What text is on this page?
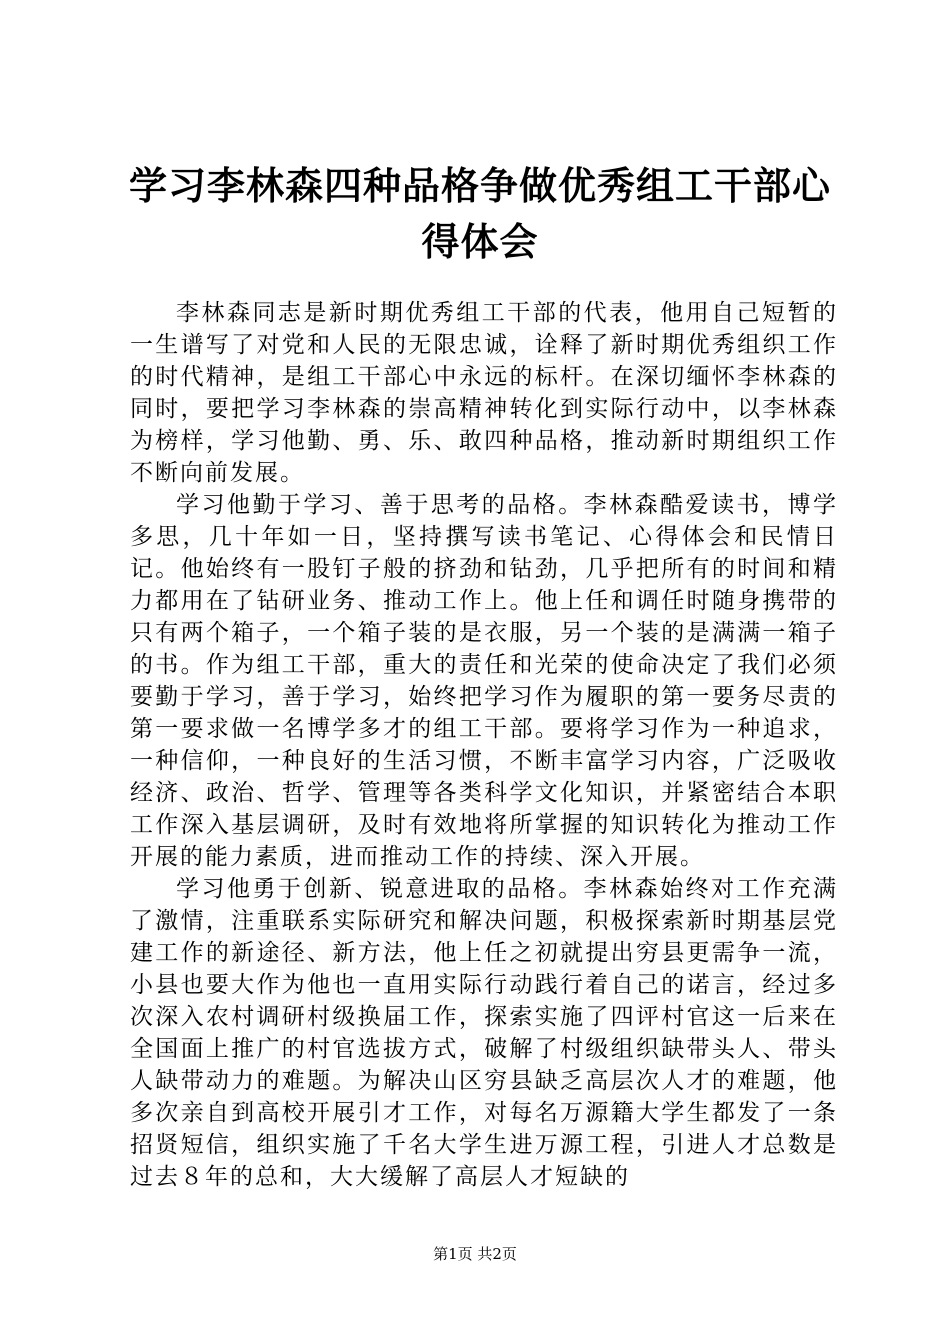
学习李林森四种品格争做优秀组工干部心得体会

李林森同志是新时期优秀组工干部的代表，他用自己短暂的一生谱写了对党和人民的无限忠诚，诠释了新时期优秀组织工作的时代精神，是组工干部心中永远的标杆。在深切缅怀李林森的同时，要把学习李林森的崇高精神转化到实际行动中，以李林森为榜样，学习他勤、勇、乐、敢四种品格，推动新时期组织工作不断向前发展。

学习他勤于学习、善于思考的品格。李林森酷爱读书，博学多思，几十年如一日，坚持撰写读书笔记、心得体会和民情日记。他始终有一股钉子般的挤劲和钻劲，几乎把所有的时间和精力都用在了钻研业务、推动工作上。他上任和调任时随身携带的只有两个箱子，一个箱子装的是衣服，另一个装的是满满一箱子的书。作为组工干部，重大的责任和光荣的使命决定了我们必须要勤于学习，善于学习，始终把学习作为履职的第一要务尽责的第一要求做一名博学多才的组工干部。要将学习作为一种追求，一种信仰，一种良好的生活习惯，不断丰富学习内容，广泛吸收经济、政治、哲学、管理等各类科学文化知识，并紧密结合本职工作深入基层调研，及时有效地将所掌握的知识转化为推动工作开展的能力素质，进而推动工作的持续、深入开展。

学习他勇于创新、锐意进取的品格。李林森始终对工作充满了激情，注重联系实际研究和解决问题，积极探索新时期基层党建工作的新途径、新方法，他上任之初就提出穷县更需争一流，小县也要大作为他也一直用实际行动践行着自己的诺言，经过多次深入农村调研村级换届工作，探索实施了四评村官这一后来在全国面上推广的村官选拔方式，破解了村级组织缺带头人、带头人缺带动力的难题。为解决山区穷县缺乏高层次人才的难题，他多次亲自到高校开展引才工作，对每名万源籍大学生都发了一条招贤短信，组织实施了千名大学生进万源工程，引进人才总数是过去８年的总和，大大缓解了高层人才短缺的

第1页 共2页
